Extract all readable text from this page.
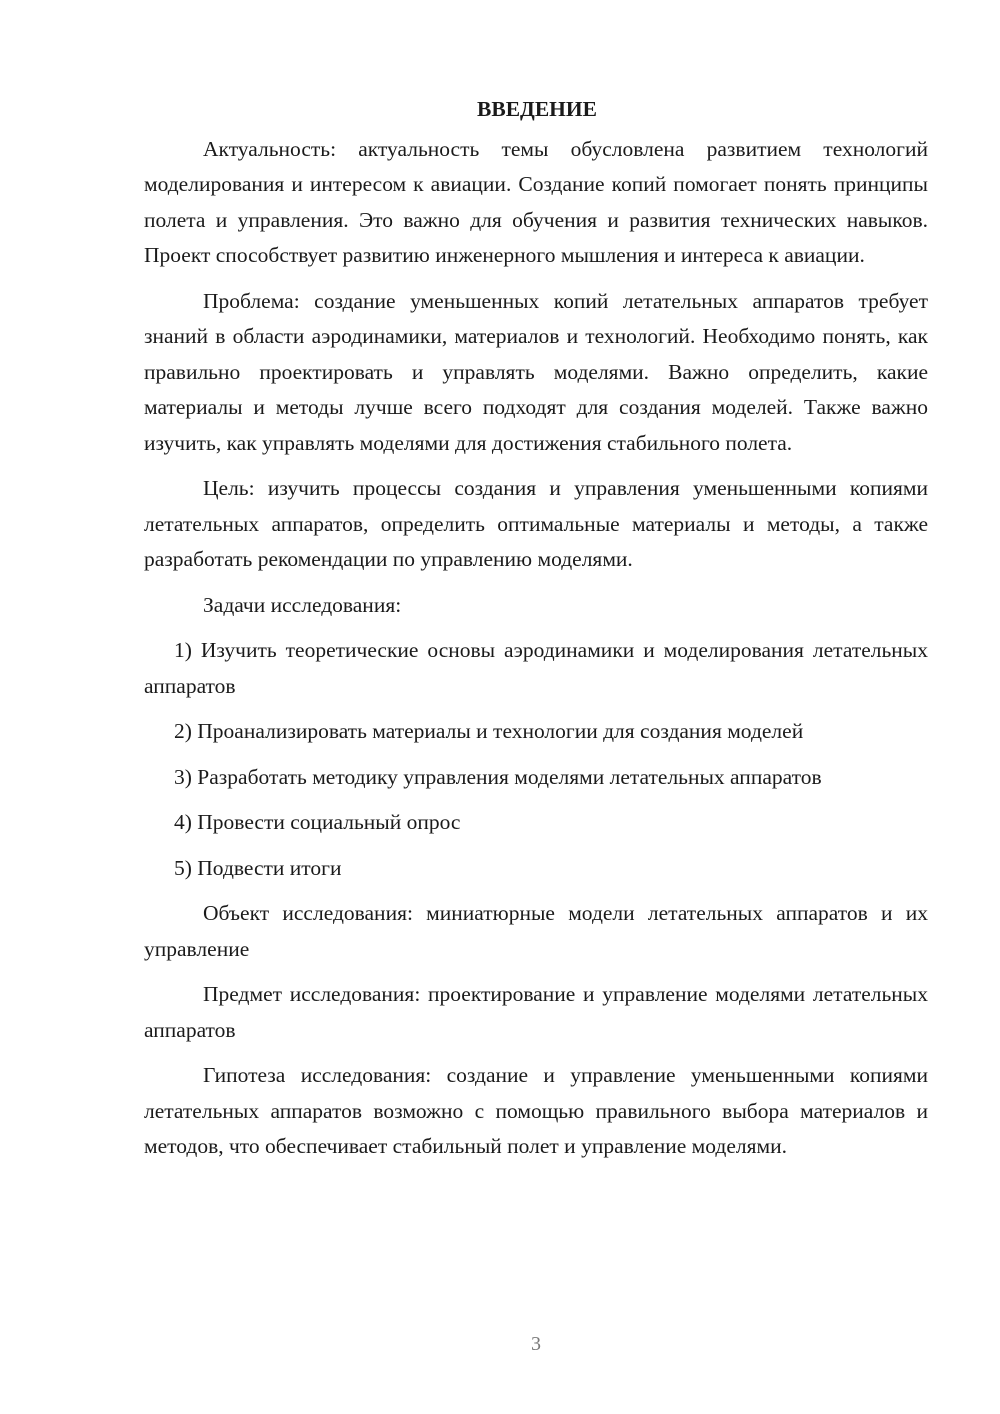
ВВЕДЕНИЕ

Актуальность: актуальность темы обусловлена развитием технологий моделирования и интересом к авиации. Создание копий помогает понять принципы полета и управления. Это важно для обучения и развития технических навыков. Проект способствует развитию инженерного мышления и интереса к авиации.

Проблема: создание уменьшенных копий летательных аппаратов требует знаний в области аэродинамики, материалов и технологий. Необходимо понять, как правильно проектировать и управлять моделями. Важно определить, какие материалы и методы лучше всего подходят для создания моделей. Также важно изучить, как управлять моделями для достижения стабильного полета.

Цель: изучить процессы создания и управления уменьшенными копиями летательных аппаратов, определить оптимальные материалы и методы, а также разработать рекомендации по управлению моделями.

Задачи исследования:

1) Изучить теоретические основы аэродинамики и моделирования летательных аппаратов

2) Проанализировать материалы и технологии для создания моделей

3) Разработать методику управления моделями летательных аппаратов

4) Провести социальный опрос

5) Подвести итоги

Объект исследования: миниатюрные модели летательных аппаратов и их управление

Предмет исследования: проектирование и управление моделями летательных аппаратов

Гипотеза исследования: создание и управление уменьшенными копиями летательных аппаратов возможно с помощью правильного выбора материалов и методов, что обеспечивает стабильный полет и управление моделями.

3
